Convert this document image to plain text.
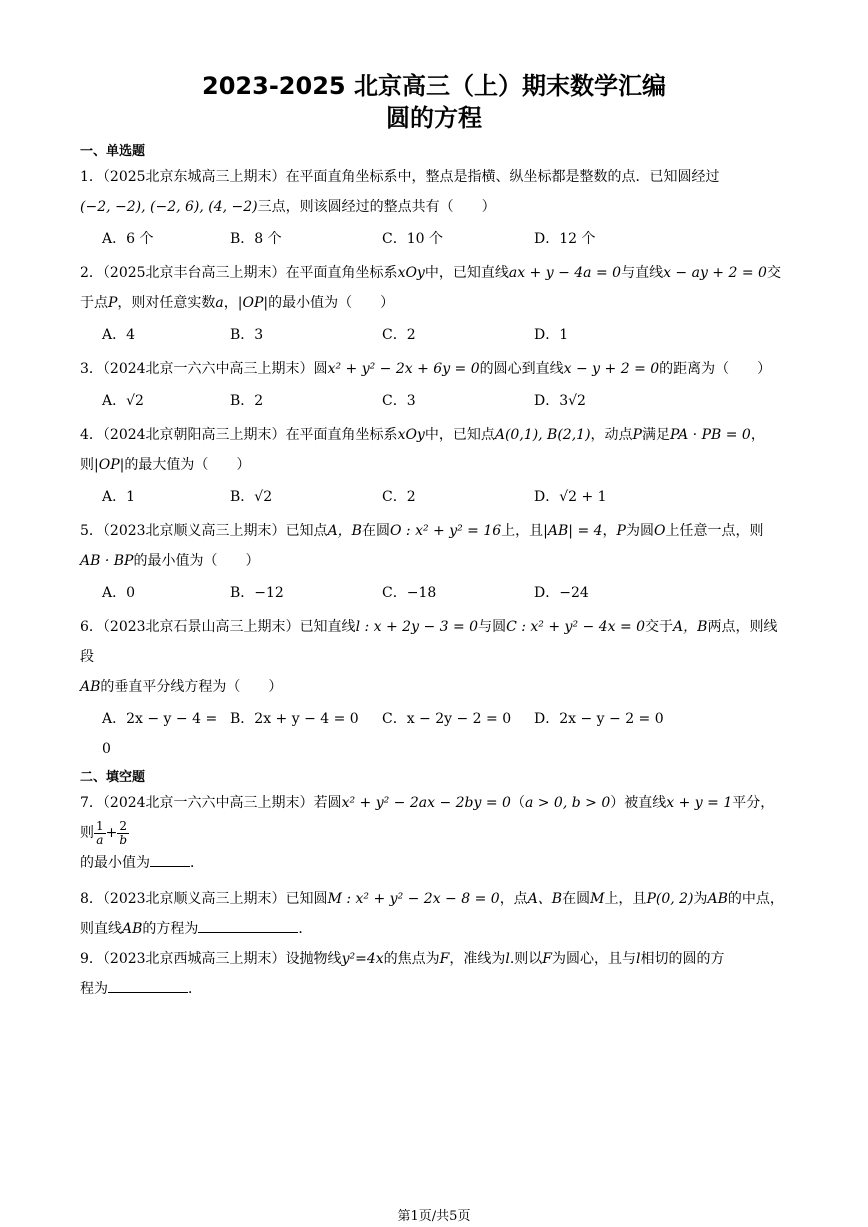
2023-2025 北京高三（上）期末数学汇编
圆的方程
一、单选题
1．（2025北京东城高三上期末）在平面直角坐标系中，整点是指横、纵坐标都是整数的点．已知圆经过
(−2, −2), (−2, 6), (4, −2)三点，则该圆经过的整点共有（　　）
A．6 个	B．8 个	C．10 个	D．12 个
2．（2025北京丰台高三上期末）在平面直角坐标系xOy中，已知直线ax + y − 4a = 0与直线x − ay + 2 = 0交
于点P，则对任意实数a，|OP|的最小值为（　　）
A．4	B．3	C．2	D．1
3．（2024北京一六六中高三上期末）圆x² + y² − 2x + 6y = 0的圆心到直线x − y + 2 = 0的距离为（　　）
A．√2	B．2	C．3	D．3√2
4．（2024北京朝阳高三上期末）在平面直角坐标系xOy中，已知点A(0,1), B(2,1)，动点P满足PA · PB = 0，
则|OP|的最大值为（　　）
A．1	B．√2	C．2	D．√2 + 1
5．（2023北京顺义高三上期末）已知点A，B在圆O : x² + y² = 16上，且|AB| = 4，P为圆O上任意一点，则
AB · BP的最小值为（　　）
A．0	B．−12	C．−18	D．−24
6．（2023北京石景山高三上期末）已知直线l : x + 2y − 3 = 0与圆C : x² + y² − 4x = 0交于A，B两点，则线段
AB的垂直平分线方程为（　　）
A．2x − y − 4 = 0
B．2x + y − 4 = 0	C．x − 2y − 2 = 0	D．2x − y − 2 = 0
二、填空题
7．（2024北京一六六中高三上期末）若圆x² + y² − 2ax − 2by = 0（a > 0, b > 0）被直线x + y = 1平分，则 $\frac{1}{a} + \frac{2}{b}$

的最小值为	．
8．（2023北京顺义高三上期末）已知圆M : x² + y² − 2x − 8 = 0，点A、B在圆M上，且P(0, 2)为AB的中点，
则直线AB的方程为	．
9．（2023北京西城高三上期末）设抛物线y²=4x的焦点为F，准线为l.则以F为圆心，且与l相切的圆的方
程为	．
第1页/共5页
